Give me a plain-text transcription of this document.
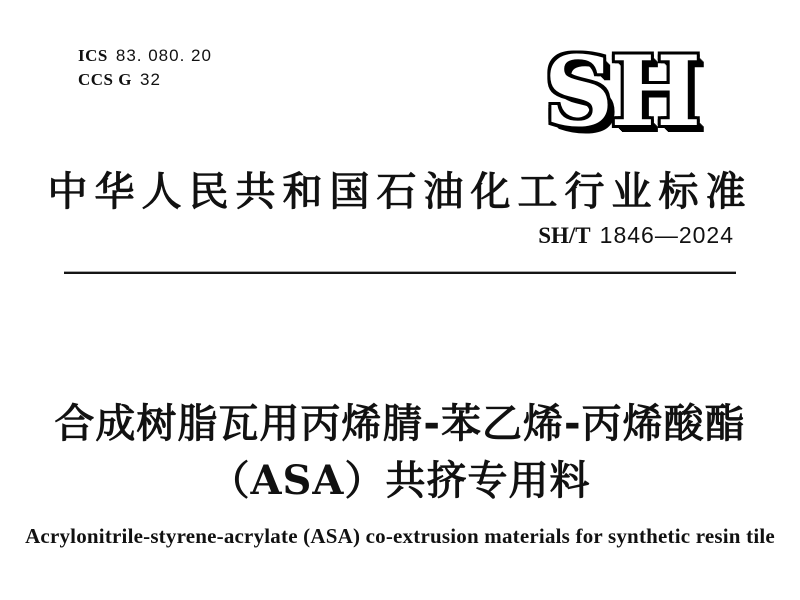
ICS 83. 080. 20
CCS G 32	SH
中华人民共和国石油化工行业标准
SH/T 1846—2024
合成树脂瓦用丙烯腈-苯乙烯-丙烯酸酯
（ASA）共挤专用料
Acrylonitrile-styrene-acrylate (ASA) co-extrusion materials for synthetic resin tile
